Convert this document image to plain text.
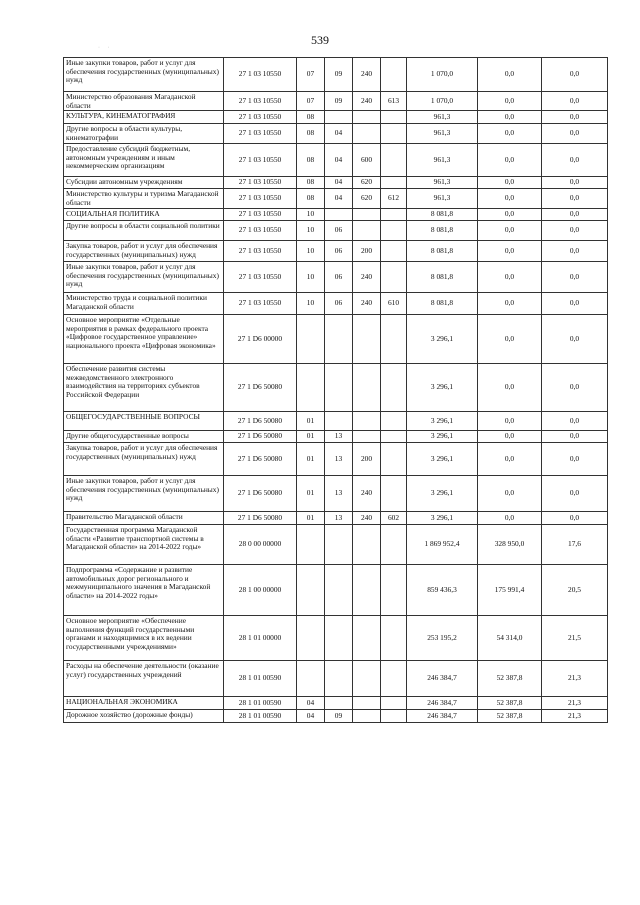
539
· ·
Иные закупки товаров, работ и услуг для обеспечения государственных (муниципальных) нужд	27 1 03 10550	07	09	240		1 070,0	0,0	0,0
Министерство образования Магаданской области	27 1 03 10550	07	09	240	613	1 070,0	0,0	0,0
КУЛЬТУРА, КИНЕМАТОГРАФИЯ	27 1 03 10550	08				961,3	0,0	0,0
Другие вопросы в области культуры, кинематографии	27 1 03 10550	08	04			961,3	0,0	0,0
Предоставление субсидий бюджетным, автономным учреждениям и иным некоммерческим организациям	27 1 03 10550	08	04	600		961,3	0,0	0,0
Субсидии автономным учреждениям	27 1 03 10550	08	04	620		961,3	0,0	0,0
Министерство культуры и туризма Магаданской области	27 1 03 10550	08	04	620	612	961,3	0,0	0,0
СОЦИАЛЬНАЯ ПОЛИТИКА	27 1 03 10550	10				8 081,8	0,0	0,0
Другие вопросы в области социальной политики	27 1 03 10550	10	06			8 081,8	0,0	0,0
Закупка товаров, работ и услуг для обеспечения государственных (муниципальных) нужд	27 1 03 10550	10	06	200		8 081,8	0,0	0,0
Иные закупки товаров, работ и услуг для обеспечения государственных (муниципальных) нужд	27 1 03 10550	10	06	240		8 081,8	0,0	0,0
Министерство труда и социальной политики Магаданской области	27 1 03 10550	10	06	240	610	8 081,8	0,0	0,0
Основное мероприятие «Отдельные мероприятия в рамках федерального проекта «Цифровое государственное управление» национального проекта «Цифровая экономика»	27 1 D6 00000					3 296,1	0,0	0,0
Обеспечение развития системы межведомственного электронного взаимодействия на территориях субъектов Российской Федерации	27 1 D6 50080					3 296,1	0,0	0,0
ОБЩЕГОСУДАРСТВЕННЫЕ ВОПРОСЫ	27 1 D6 50080	01				3 296,1	0,0	0,0
Другие общегосударственные вопросы	27 1 D6 50080	01	13			3 296,1	0,0	0,0
Закупка товаров, работ и услуг для обеспечения государственных (муниципальных) нужд	27 1 D6 50080	01	13	200		3 296,1	0,0	0,0
Иные закупки товаров, работ и услуг для обеспечения государственных (муниципальных) нужд	27 1 D6 50080	01	13	240		3 296,1	0,0	0,0
Правительство Магаданской области	27 1 D6 50080	01	13	240	602	3 296,1	0,0	0,0
Государственная программа Магаданской области «Развитие транспортной системы в Магаданской области» на 2014-2022 годы»	28 0 00 00000					1 869 952,4	328 950,0	17,6
Подпрограмма «Содержание и развитие автомобильных дорог регионального и межмуниципального значения в Магаданской области» на 2014-2022 годы»	28 1 00 00000					859 436,3	175 991,4	20,5
Основное мероприятие «Обеспечение выполнения функций государственными органами и находящимися в их ведении государственными учреждениями»	28 1 01 00000					253 195,2	54 314,0	21,5
Расходы на обеспечение деятельности (оказание услуг) государственных учреждений	28 1 01 00590					246 384,7	52 387,8	21,3
НАЦИОНАЛЬНАЯ ЭКОНОМИКА	28 1 01 00590	04				246 384,7	52 387,8	21,3
Дорожное хозяйство (дорожные фонды)	28 1 01 00590	04	09			246 384,7	52 387,8	21,3
